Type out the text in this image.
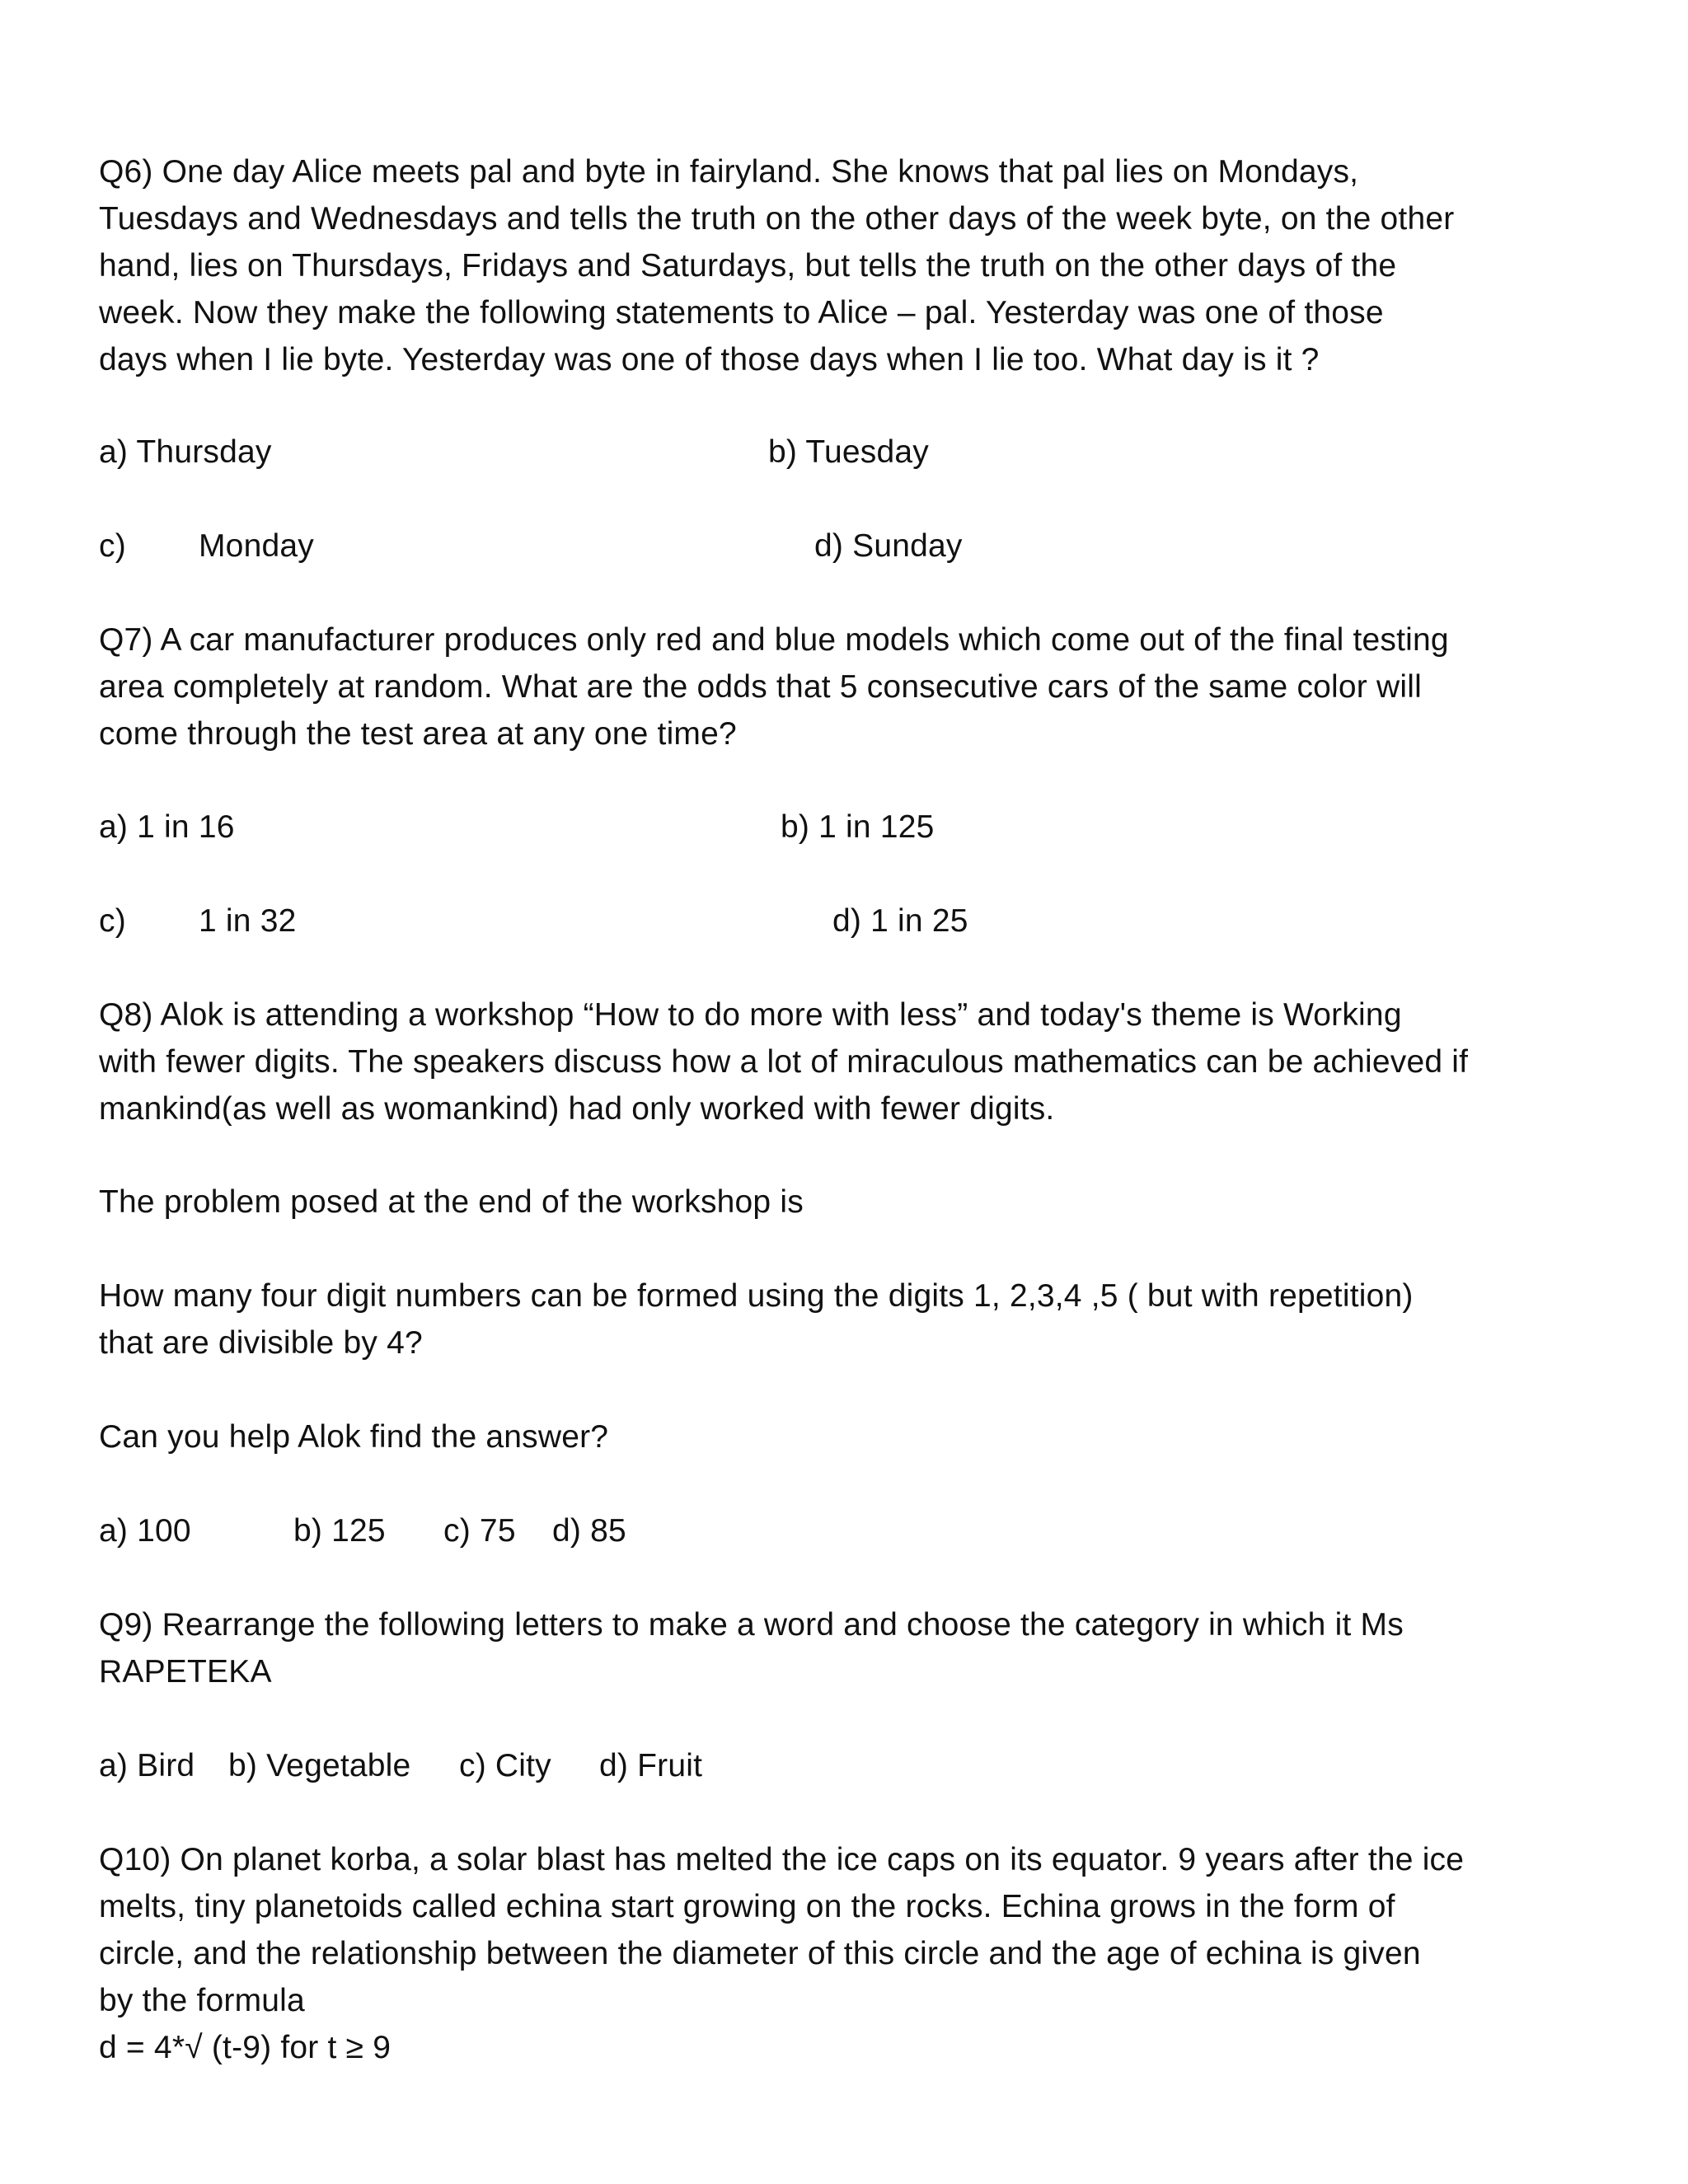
Q6) One day Alice meets pal and byte in fairyland. She knows that pal lies on Mondays,
Tuesdays and Wednesdays and tells the truth on the other days of the week byte, on the other
hand, lies on Thursdays, Fridays and Saturdays, but tells the truth on the other days of the
week. Now they make the following statements to Alice – pal. Yesterday was one of those
days when I lie byte. Yesterday was one of those days when I lie too. What day is it ?
a) Thursday	b) Tuesday
c) Monday	d) Sunday
Q7) A car manufacturer produces only red and blue models which come out of the final testing
area completely at random. What are the odds that 5 consecutive cars of the same color will
come through the test area at any one time?
a) 1 in 16	b) 1 in 125
c) 1 in 32	d) 1 in 25
Q8) Alok is attending a workshop “How to do more with less” and today's theme is Working
with fewer digits. The speakers discuss how a lot of miraculous mathematics can be achieved if
mankind(as well as womankind) had only worked with fewer digits.
The problem posed at the end of the workshop is
How many four digit numbers can be formed using the digits 1, 2,3,4 ,5 ( but with repetition)
that are divisible by 4?
Can you help Alok find the answer?
a) 100	b) 125 c) 75 d) 85
Q9) Rearrange the following letters to make a word and choose the category in which it Ms
RAPETEKA
a) Bird b) Vegetable c) City d) Fruit
Q10) On planet korba, a solar blast has melted the ice caps on its equator. 9 years after the ice
melts, tiny planetoids called echina start growing on the rocks. Echina grows in the form of
circle, and the relationship between the diameter of this circle and the age of echina is given
by the formula
d = 4*√ (t-9) for t ≥ 9
